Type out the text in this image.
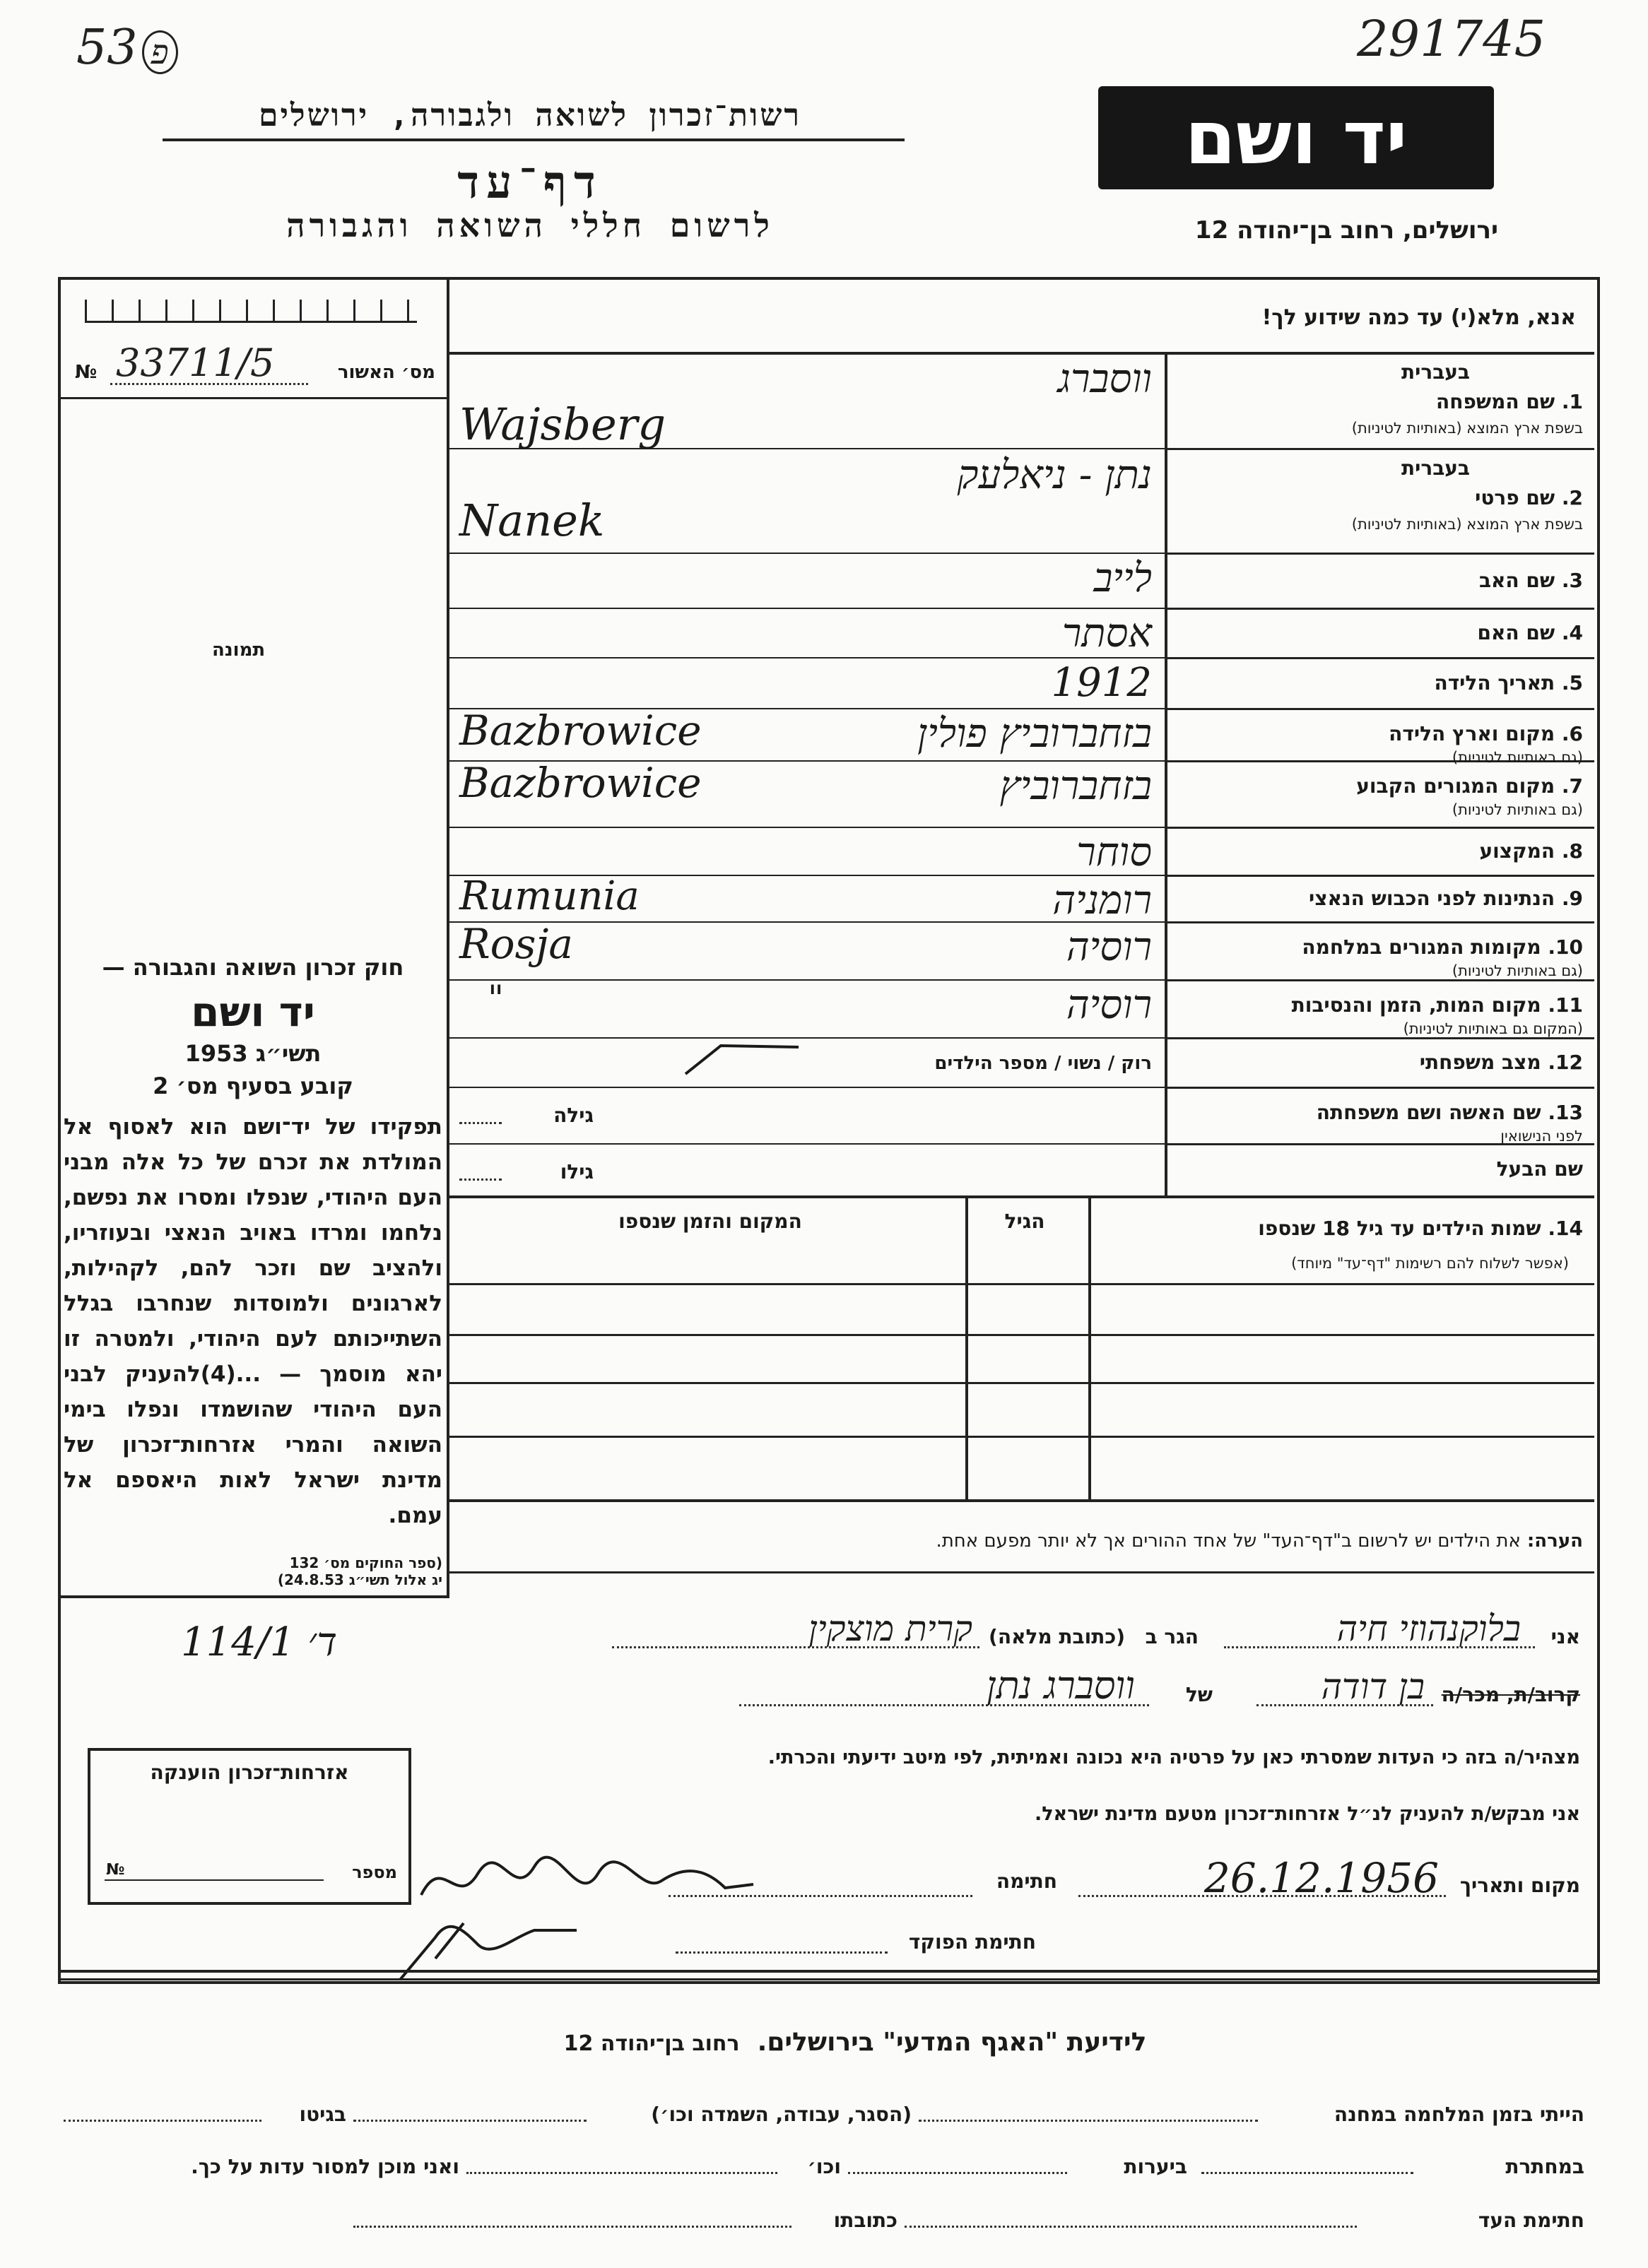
53 פ	291745
רשות־זכרון לשואה ולגבורה, ירושלים
דף־עד
לרשום חללי השואה והגבורה
יד ושם
ירושלים, רחוב בן־יהודה 12
№ 33711/5	מס׳ האשור
תמונה
חוק זכרון השואה והגבורה —
יד ושם
תשי״ג 1953
קובע בסעיף מס׳ 2
תפקידו של יד־ושם הוא לאסוף אל המולדת את זכרם של כל אלה מבני העם היהודי, שנפלו ומסרו את נפשם, נלחמו ומרדו באויב הנאצי ובעוזריו, ולהציב שם וזכר להם, לקהילות, לארגונים ולמוסדות שנחרבו בגלל השתייכותם לעם היהודי, ולמטרה זו יהא מוסמך — ...(4)להעניק לבני העם היהודי שהושמדו ונפלו בימי השואה והמרי אזרחות־זכרון של מדינת ישראל לאות היאספם אל עמם.
(ספר החוקים מס׳ 132
יג אלול תשי״ג 24.8.53)
אנא, מלא(י) עד כמה שידוע לך!
1. שם המשפחה
בשפת ארץ המוצא (באותיות לטיניות)
בעברית
ווסברג
Wajsberg
2. שם פרטי
בשפת ארץ המוצא (באותיות לטיניות)
בעברית
נתן - ניאלעק
Nanek
3. שם האב
לייב
4. שם האם
אסתר
5. תאריך הלידה
1912
6. מקום וארץ הלידה
(גם באותיות לטיניות)
בזחברוביץ פולין
Bazbrowice
7. מקום המגורים הקבוע
(גם באותיות לטיניות)
בזחברוביץ
Bazbrowice
8. המקצוע
סוחר
9. הנתינות לפני הכבוש הנאצי
רומניה
Rumunia
10. מקומות המגורים במלחמה
(גם באותיות לטיניות)
רוסיה
Rosja
11. מקום המות, הזמן והנסיבות
(המקום גם באותיות לטיניות)
רוסיה
"
12. מצב משפחתי
רוק / נשוי / מספר הילדים
13. שם האשה ושם משפחתה
לפני הנישואין
גילה
שם הבעל
גילו
14. שמות הילדים עד גיל 18 שנספו
(אפשר לשלוח להם רשימות "דף־עד" מיוחד)
הגיל
המקום והזמן שנספו
הערה: את הילדים יש לרשום ב"דף־העד" של אחד ההורים אך לא יותר מפעם אחת.
אני
בלוקנהוזי חיה
הגר ב
(כתובת מלאה)
קרית מוצקין
ד׳ 114/1
קרוב/ת, מכר/ה
בן דודה
של
ווסברג נתן
מצהיר/ה בזה כי העדות שמסרתי כאן על פרטיה היא נכונה ואמיתית, לפי מיטב ידיעתי והכרתי.
אני מבקש/ת להעניק לנ״ל אזרחות־זכרון מטעם מדינת ישראל.
מקום ותאריך
26.12.1956
חתימה
חתימת הפוקד
אזרחות־זכרון הוענקה
מספר
№
לידיעת "האגף המדעי" בירושלים. רחוב בן־יהודה 12
הייתי בזמן המלחמה במחנה
(הסגר, עבודה, השמדה וכו׳)
בגיטו
במחתרת
ביערות
וכו׳
ואני מוכן למסור עדות על כך.
חתימת העד
כתובתו
